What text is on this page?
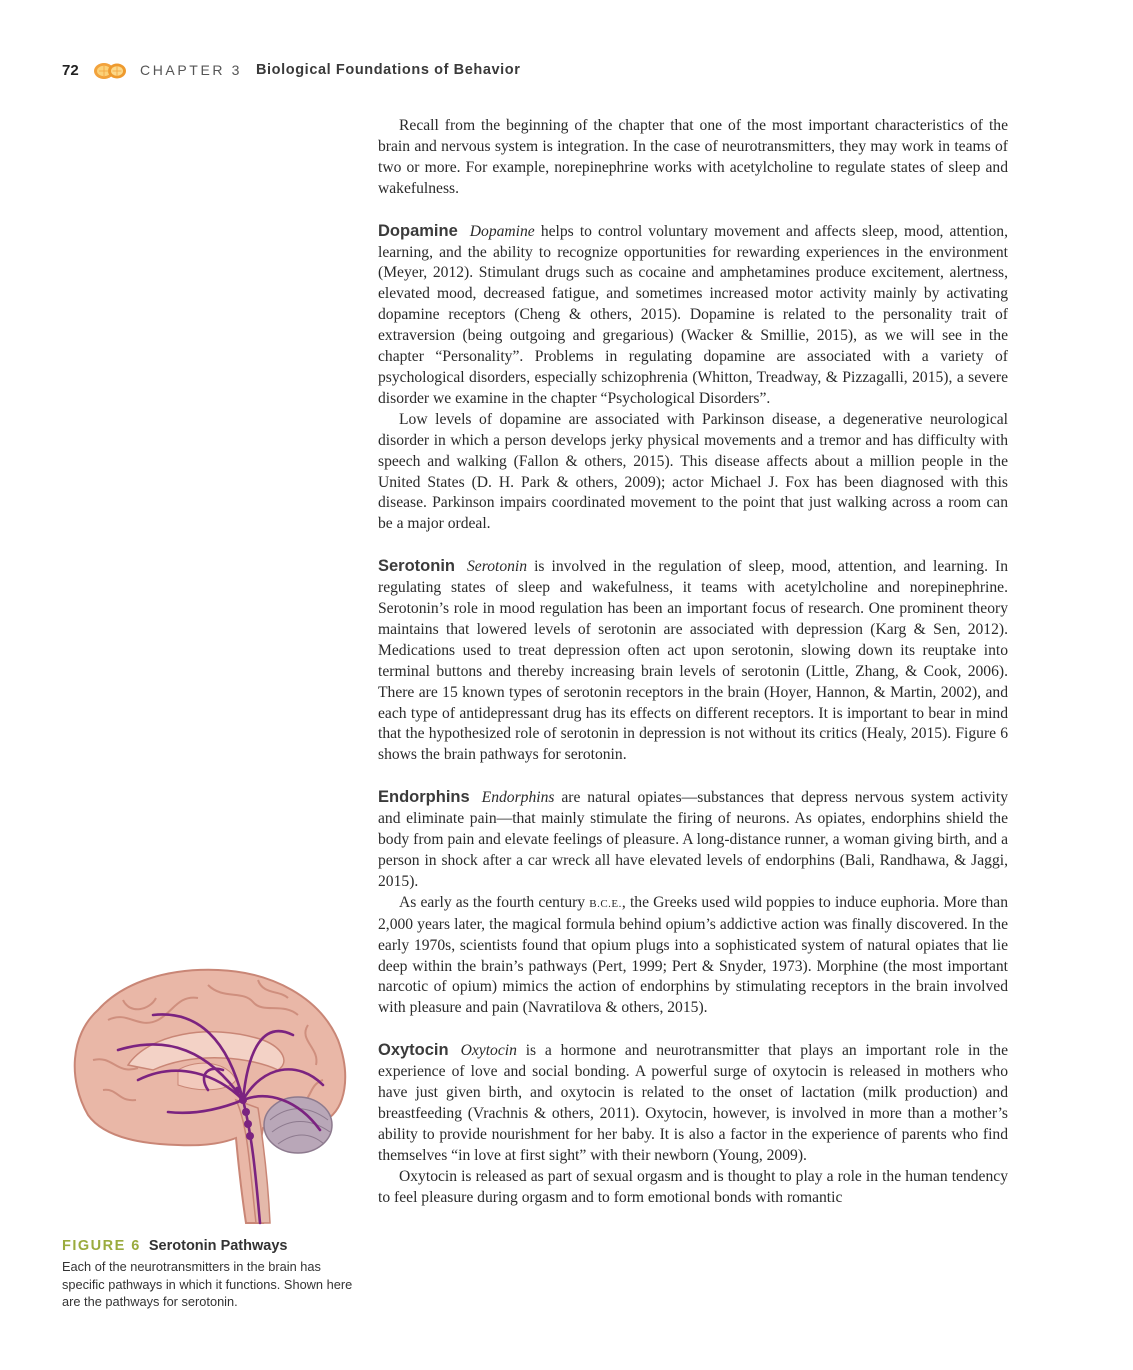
72	CHAPTER 3 Biological Foundations of Behavior

Recall from the beginning of the chapter that one of the most important characteristics of the brain and nervous system is integration. In the case of neurotransmitters, they may work in teams of two or more. For example, norepinephrine works with acetylcholine to regulate states of sleep and wakefulness.

Dopamine Dopamine helps to control voluntary movement and affects sleep, mood, attention, learning, and the ability to recognize opportunities for rewarding experiences in the environment (Meyer, 2012). Stimulant drugs such as cocaine and amphetamines produce excitement, alertness, elevated mood, decreased fatigue, and sometimes increased motor activity mainly by activating dopamine receptors (Cheng & others, 2015). Dopamine is related to the personality trait of extraversion (being outgoing and gregarious) (Wacker & Smillie, 2015), as we will see in the chapter “Personality”. Problems in regulating dopamine are associated with a variety of psychological disorders, especially schizophrenia (Whitton, Treadway, & Pizzagalli, 2015), a severe disorder we examine in the chapter “Psychological Disorders”.

Low levels of dopamine are associated with Parkinson disease, a degenerative neurological disorder in which a person develops jerky physical movements and a tremor and has difficulty with speech and walking (Fallon & others, 2015). This disease affects about a million people in the United States (D. H. Park & others, 2009); actor Michael J. Fox has been diagnosed with this disease. Parkinson impairs coordinated movement to the point that just walking across a room can be a major ordeal.

Serotonin Serotonin is involved in the regulation of sleep, mood, attention, and learning. In regulating states of sleep and wakefulness, it teams with acetylcholine and norepinephrine. Serotonin’s role in mood regulation has been an important focus of research. One prominent theory maintains that lowered levels of serotonin are associated with depression (Karg & Sen, 2012). Medications used to treat depression often act upon serotonin, slowing down its reuptake into terminal buttons and thereby increasing brain levels of serotonin (Little, Zhang, & Cook, 2006). There are 15 known types of serotonin receptors in the brain (Hoyer, Hannon, & Martin, 2002), and each type of antidepressant drug has its effects on different receptors. It is important to bear in mind that the hypothesized role of serotonin in depression is not without its critics (Healy, 2015). Figure 6 shows the brain pathways for serotonin.

Endorphins Endorphins are natural opiates—substances that depress nervous system activity and eliminate pain—that mainly stimulate the firing of neurons. As opiates, endorphins shield the body from pain and elevate feelings of pleasure. A long-distance runner, a woman giving birth, and a person in shock after a car wreck all have elevated levels of endorphins (Bali, Randhawa, & Jaggi, 2015).

As early as the fourth century B.C.E., the Greeks used wild poppies to induce euphoria. More than 2,000 years later, the magical formula behind opium’s addictive action was finally discovered. In the early 1970s, scientists found that opium plugs into a sophisticated system of natural opiates that lie deep within the brain’s pathways (Pert, 1999; Pert & Snyder, 1973). Morphine (the most important narcotic of opium) mimics the action of endorphins by stimulating receptors in the brain involved with pleasure and pain (Navratilova & others, 2015).

Oxytocin Oxytocin is a hormone and neurotransmitter that plays an important role in the experience of love and social bonding. A powerful surge of oxytocin is released in mothers who have just given birth, and oxytocin is related to the onset of lactation (milk production) and breastfeeding (Vrachnis & others, 2011). Oxytocin, however, is involved in more than a mother’s ability to provide nourishment for her baby. It is also a factor in the experience of parents who find themselves “in love at first sight” with their newborn (Young, 2009).

Oxytocin is released as part of sexual orgasm and is thought to play a role in the human tendency to feel pleasure during orgasm and to form emotional bonds with romantic

FIGURE 6 Serotonin Pathways
Each of the neurotransmitters in the brain has specific pathways in which it functions. Shown here are the pathways for serotonin.
